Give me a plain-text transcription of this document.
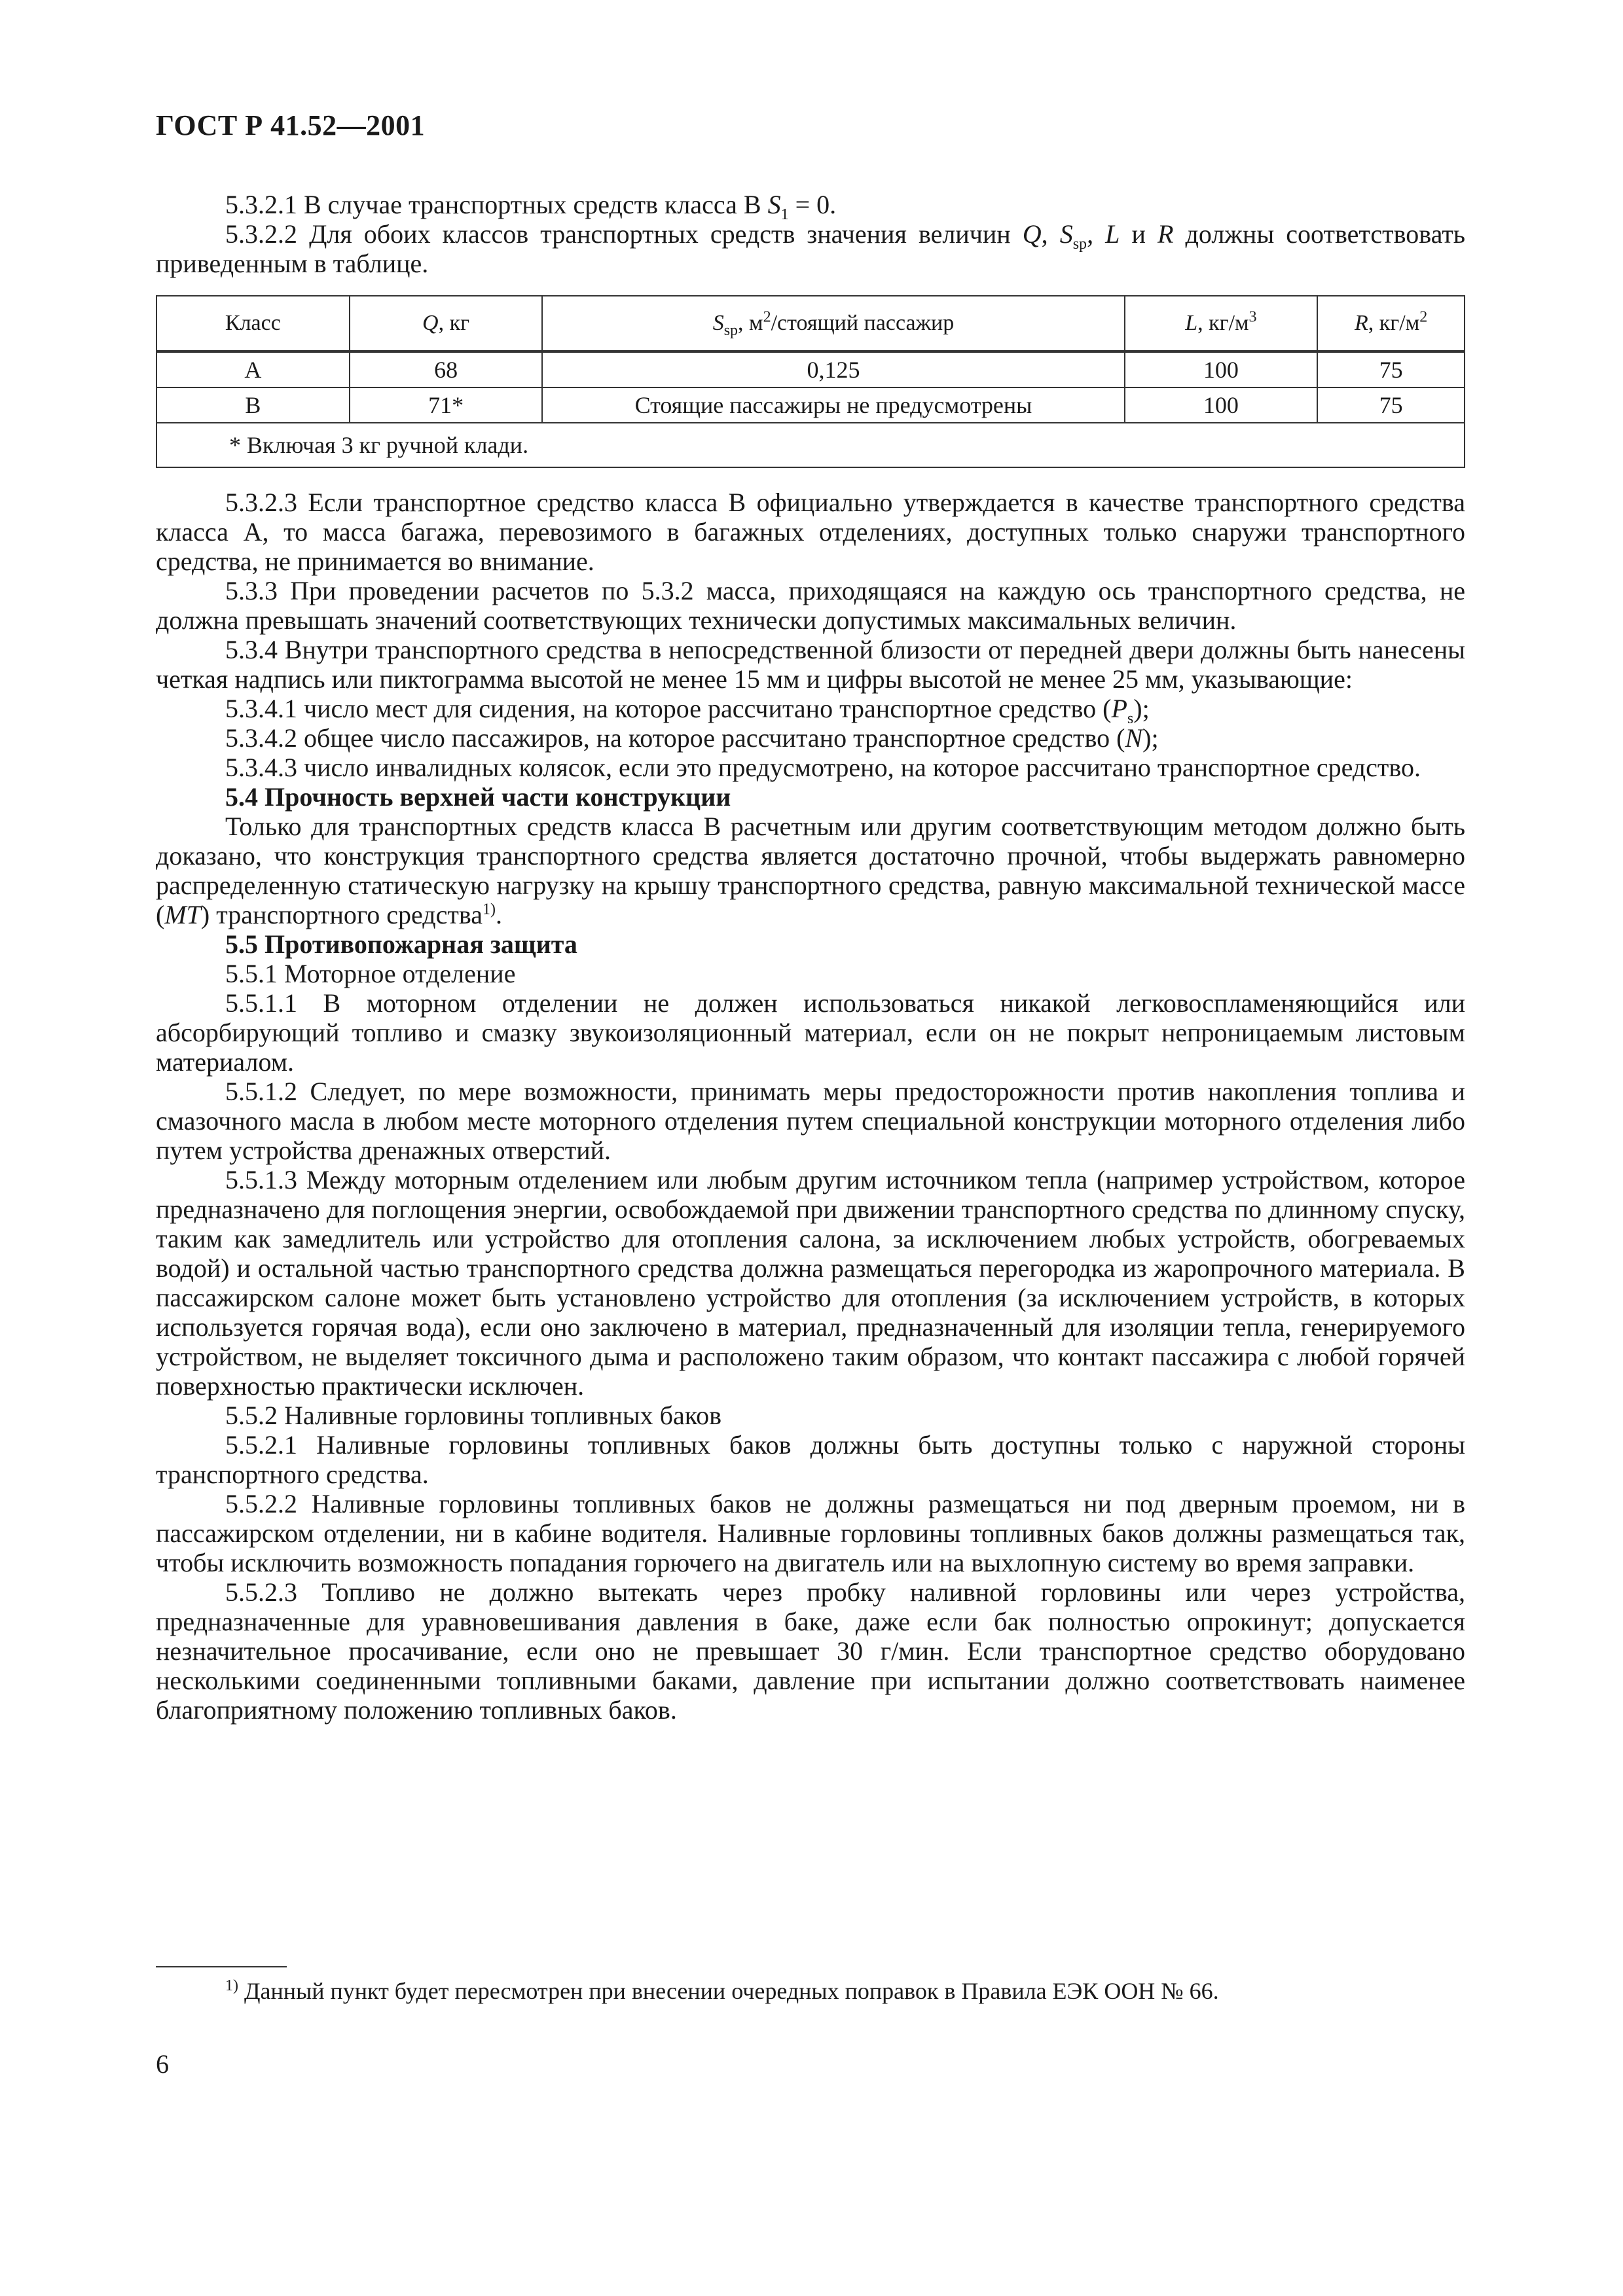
ГОСТ Р 41.52—2001

5.3.2.1 В случае транспортных средств класса В $S_1 = 0$.

5.3.2.2 Для обоих классов транспортных средств значения величин Q, $S_{sp}$, L и R должны соответствовать приведенным в таблице.

Класс	Q, кг	$S_{sp}$, $м^2$/стоящий пассажир	L, $кг/м^3$	R, $кг/м^2$
А	68	0,125	100	75
В	71*	Стоящие пассажиры не предусмотрены	100	75
* Включая 3 кг ручной клади.				

5.3.2.3 Если транспортное средство класса В официально утверждается в качестве транспортного средства класса А, то масса багажа, перевозимого в багажных отделениях, доступных только снаружи транспортного средства, не принимается во внимание.

5.3.3 При проведении расчетов по 5.3.2 масса, приходящаяся на каждую ось транспортного средства, не должна превышать значений соответствующих технически допустимых максимальных величин.

5.3.4 Внутри транспортного средства в непосредственной близости от передней двери должны быть нанесены четкая надпись или пиктограмма высотой не менее 15 мм и цифры высотой не менее 25 мм, указывающие:

5.3.4.1 число мест для сидения, на которое рассчитано транспортное средство $(P_s)$;

5.3.4.2 общее число пассажиров, на которое рассчитано транспортное средство (N);

5.3.4.3 число инвалидных колясок, если это предусмотрено, на которое рассчитано транспортное средство.

5.4 Прочность верхней части конструкции

Только для транспортных средств класса В расчетным или другим соответствующим методом должно быть доказано, что конструкция транспортного средства является достаточно прочной, чтобы выдержать равномерно распределенную статическую нагрузку на крышу транспортного средства, равную максимальной технической массе (MT) транспортного средства$^{1)}$.

5.5 Противопожарная защита

5.5.1 Моторное отделение

5.5.1.1 В моторном отделении не должен использоваться никакой легковоспламеняющийся или абсорбирующий топливо и смазку звукоизоляционный материал, если он не покрыт непроницаемым листовым материалом.

5.5.1.2 Следует, по мере возможности, принимать меры предосторожности против накопления топлива и смазочного масла в любом месте моторного отделения путем специальной конструкции моторного отделения либо путем устройства дренажных отверстий.

5.5.1.3 Между моторным отделением или любым другим источником тепла (например устройством, которое предназначено для поглощения энергии, освобождаемой при движении транспортного средства по длинному спуску, таким как замедлитель или устройство для отопления салона, за исключением любых устройств, обогреваемых водой) и остальной частью транспортного средства должна размещаться перегородка из жаропрочного материала. В пассажирском салоне может быть установлено устройство для отопления (за исключением устройств, в которых используется горячая вода), если оно заключено в материал, предназначенный для изоляции тепла, генерируемого устройством, не выделяет токсичного дыма и расположено таким образом, что контакт пассажира с любой горячей поверхностью практически исключен.

5.5.2 Наливные горловины топливных баков

5.5.2.1 Наливные горловины топливных баков должны быть доступны только с наружной стороны транспортного средства.

5.5.2.2 Наливные горловины топливных баков не должны размещаться ни под дверным проемом, ни в пассажирском отделении, ни в кабине водителя. Наливные горловины топливных баков должны размещаться так, чтобы исключить возможность попадания горючего на двигатель или на выхлопную систему во время заправки.

5.5.2.3 Топливо не должно вытекать через пробку наливной горловины или через устройства, предназначенные для уравновешивания давления в баке, даже если бак полностью опрокинут; допускается незначительное просачивание, если оно не превышает 30 г/мин. Если транспортное средство оборудовано несколькими соединенными топливными баками, давление при испытании должно соответствовать наименее благоприятному положению топливных баков.

$^{1)}$ Данный пункт будет пересмотрен при внесении очередных поправок в Правила ЕЭК ООН № 66.
6
